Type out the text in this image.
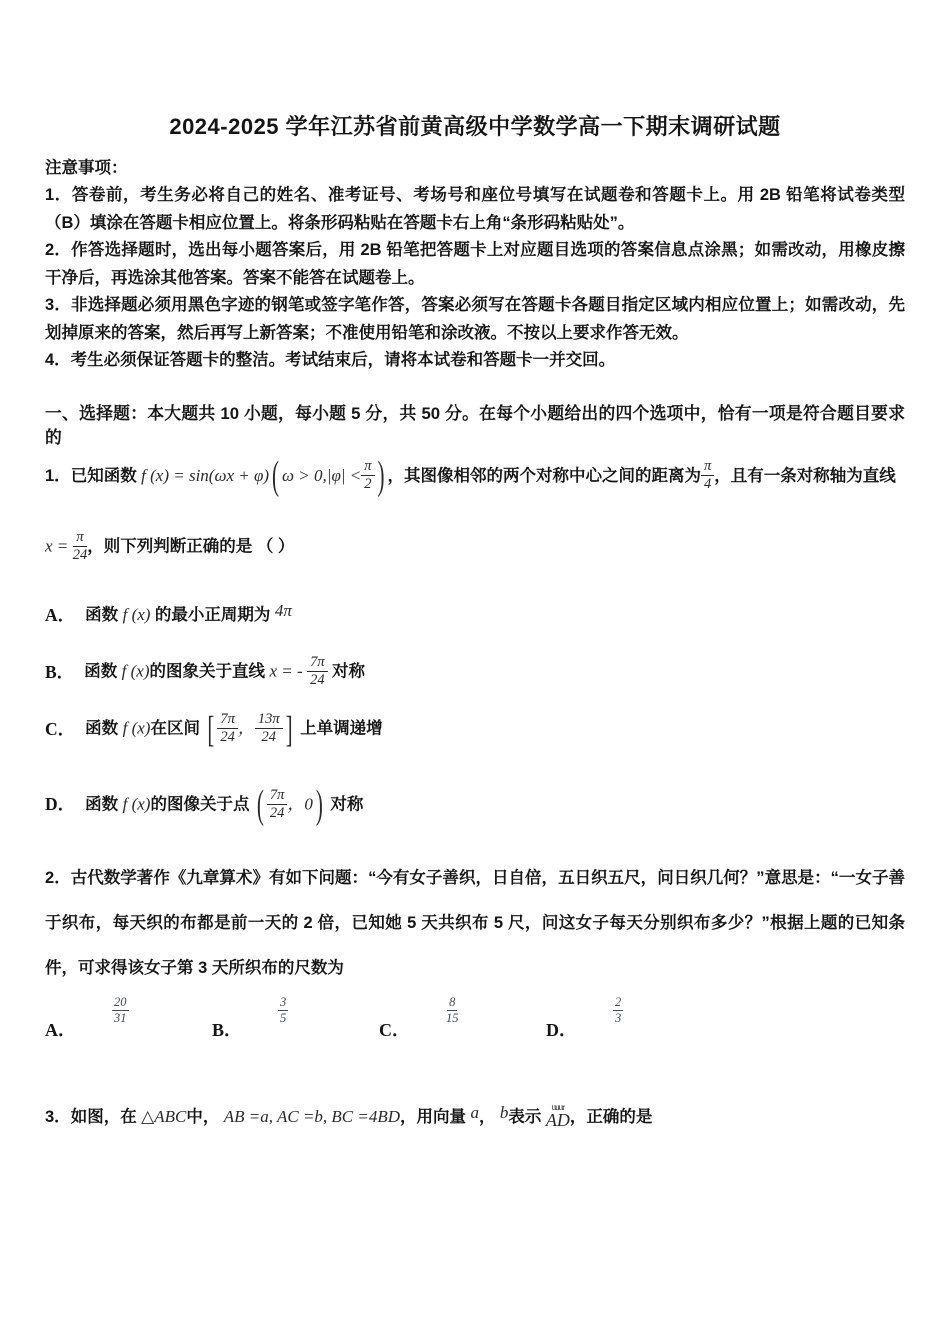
2024-2025 学年江苏省前黄高级中学数学高一下期末调研试题
注意事项：

1．答卷前，考生务必将自己的姓名、准考证号、考场号和座位号填写在试题卷和答题卡上。用 2B 铅笔将试卷类型（B）填涂在答题卡相应位置上。将条形码粘贴在答题卡右上角“条形码粘贴处”。

2．作答选择题时，选出每小题答案后，用 2B 铅笔把答题卡上对应题目选项的答案信息点涂黑；如需改动，用橡皮擦干净后，再选涂其他答案。答案不能答在试题卷上。

3．非选择题必须用黑色字迹的钢笔或签字笔作答，答案必须写在答题卡各题目指定区域内相应位置上；如需改动，先划掉原来的答案，然后再写上新答案；不准使用铅笔和涂改液。不按以上要求作答无效。

4．考生必须保证答题卡的整洁。考试结束后，请将本试卷和答题卡一并交回。

一、选择题：本大题共 10 小题，每小题 5 分，共 50 分。在每个小题给出的四个选项中，恰有一项是符合题目要求的

1．已知函数 f (x) = sin(ωx + φ) ( $\omega > 0,|\varphi| < \frac{\pi}{2}$ ) ，其图像相邻的两个对称中心之间的距离为 $\frac{\pi}{4}$ ，且有一条对称轴为直线
$x = \frac{\pi}{24}$ ，则下列判断正确的是 （ ）
A． 函数 f (x) 的最小正周期为 4π
B． 函数 f (x)的图象关于直线 x = - $\frac{7\pi}{24}$ 对称
C． 函数 f (x)在区间 [ $\frac{7\pi}{24}$ ， $\frac{13\pi}{24}$ ] 上单调递增
D． 函数 f (x)的图像关于点 ( $\frac{7\pi}{24}$ ，0 ) 对称

2．古代数学著作《九章算术》有如下问题：“今有女子善织，日自倍，五日织五尺，问日织几何？”意思是：“一女子善于织布，每天织的布都是前一天的 2 倍，已知她 5 天共织布 5 尺，问这女子每天分别织布多少？”根据上题的已知条件，可求得该女子第 3 天所织布的尺数为

A．
20
31
B．
3
5
C．
8
15
D．
2
3
3．如图，在 △ABC中， AB =a, AC =b, BC =4BD，用向量 a， b表示
uuur
AD ，正确的是
